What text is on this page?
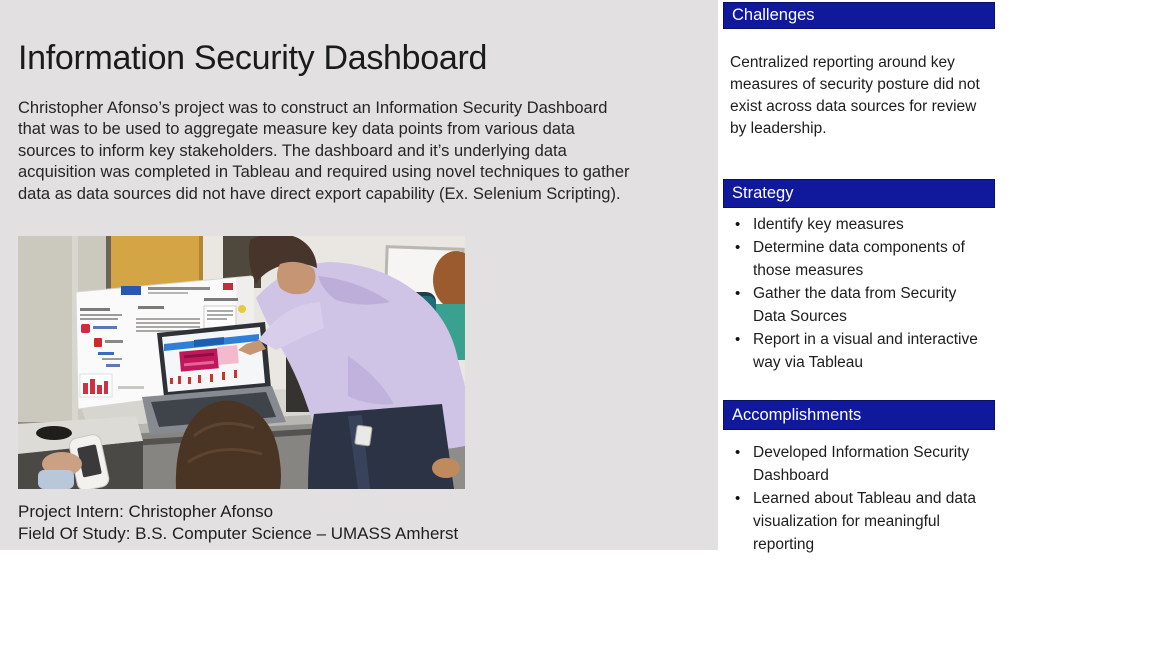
Information Security Dashboard

Christopher Afonso’s project was to construct an Information Security Dashboard that was to be used to aggregate measure key data points from various data sources to inform key stakeholders. The dashboard and it’s underlying data acquisition was completed in Tableau and required using novel techniques to gather data as data sources did not have direct export capability (Ex. Selenium Scripting).

Project Intern: Christopher Afonso
Field Of Study: B.S. Computer Science – UMASS Amherst
Challenges

Centralized reporting around key measures of security posture did not exist across data sources for review by leadership.

Strategy
• Identify key measures
• Determine data components of those measures
• Gather the data from Security Data Sources
• Report in a visual and interactive way via Tableau
Accomplishments
• Developed Information Security Dashboard
• Learned about Tableau and data visualization for meaningful reporting
